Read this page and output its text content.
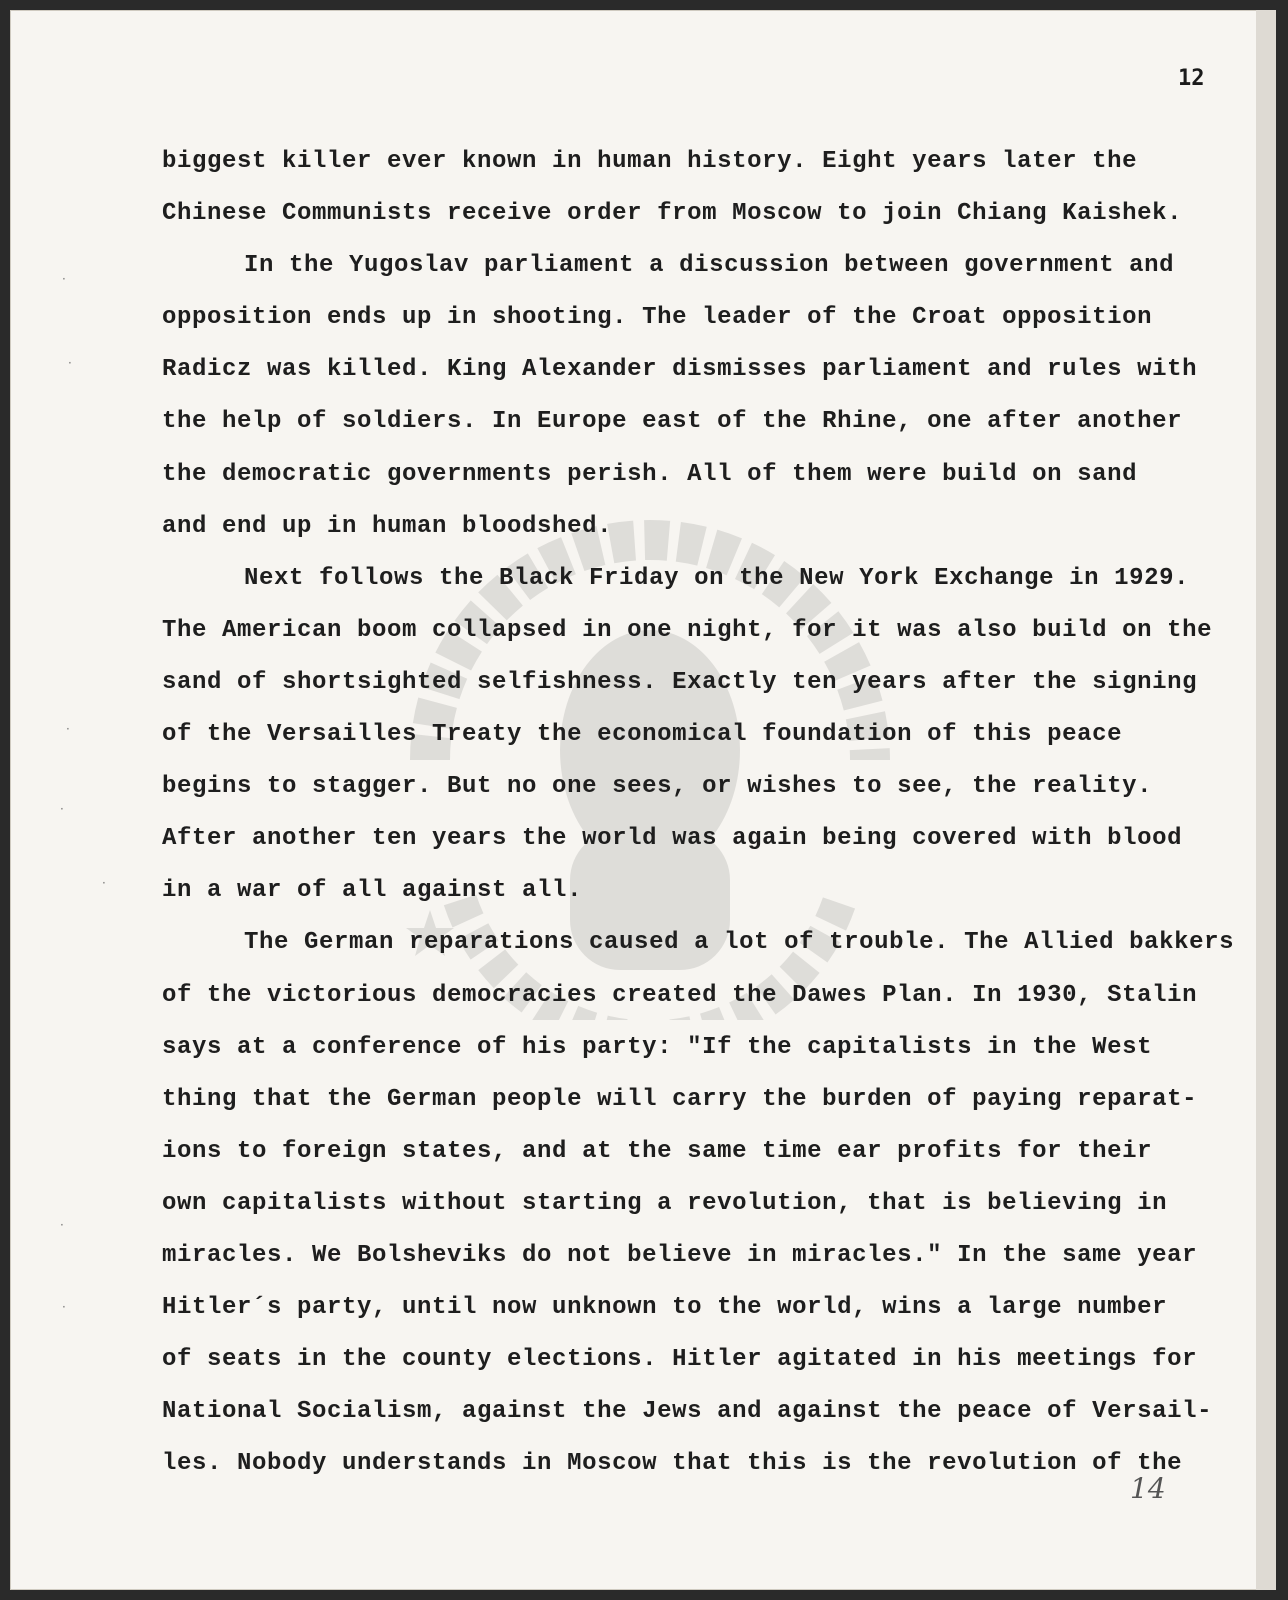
12
biggest killer ever known in human history. Eight years later the
Chinese Communists receive order from Moscow to join Chiang Kaishek.
In the Yugoslav parliament a discussion between government and
opposition ends up in shooting. The leader of the Croat opposition
Radicz was killed. King Alexander dismisses parliament and rules with
the help of soldiers. In Europe east of the Rhine, one after another
the democratic governments perish. All of them were build on sand
and end up in human bloodshed.
Next follows the Black Friday on the New York Exchange in 1929.
The American boom collapsed in one night, for it was also build on the
sand of shortsighted selfishness. Exactly ten years after the signing
of the Versailles Treaty the economical foundation of this peace
begins to stagger. But no one sees, or wishes to see, the reality.
After another ten years the world was again being covered with blood
in a war of all against all.
The German reparations caused a lot of trouble. The Allied bakkers
of the victorious democracies created the Dawes Plan. In 1930, Stalin
says at a conference of his party: "If the capitalists in the West
thing that the German people will carry the burden of paying reparat-
ions to foreign states, and at the same time ear profits for their
own capitalists without starting a revolution, that is believing in
miracles. We Bolsheviks do not believe in miracles." In the same year
Hitler´s party, until now unknown to the world, wins a large number
of seats in the county elections. Hitler agitated in his meetings for
National Socialism, against the Jews and against the peace of Versail-
les. Nobody understands in Moscow that this is the revolution of the
14
·
·
·
·
·
·
·
